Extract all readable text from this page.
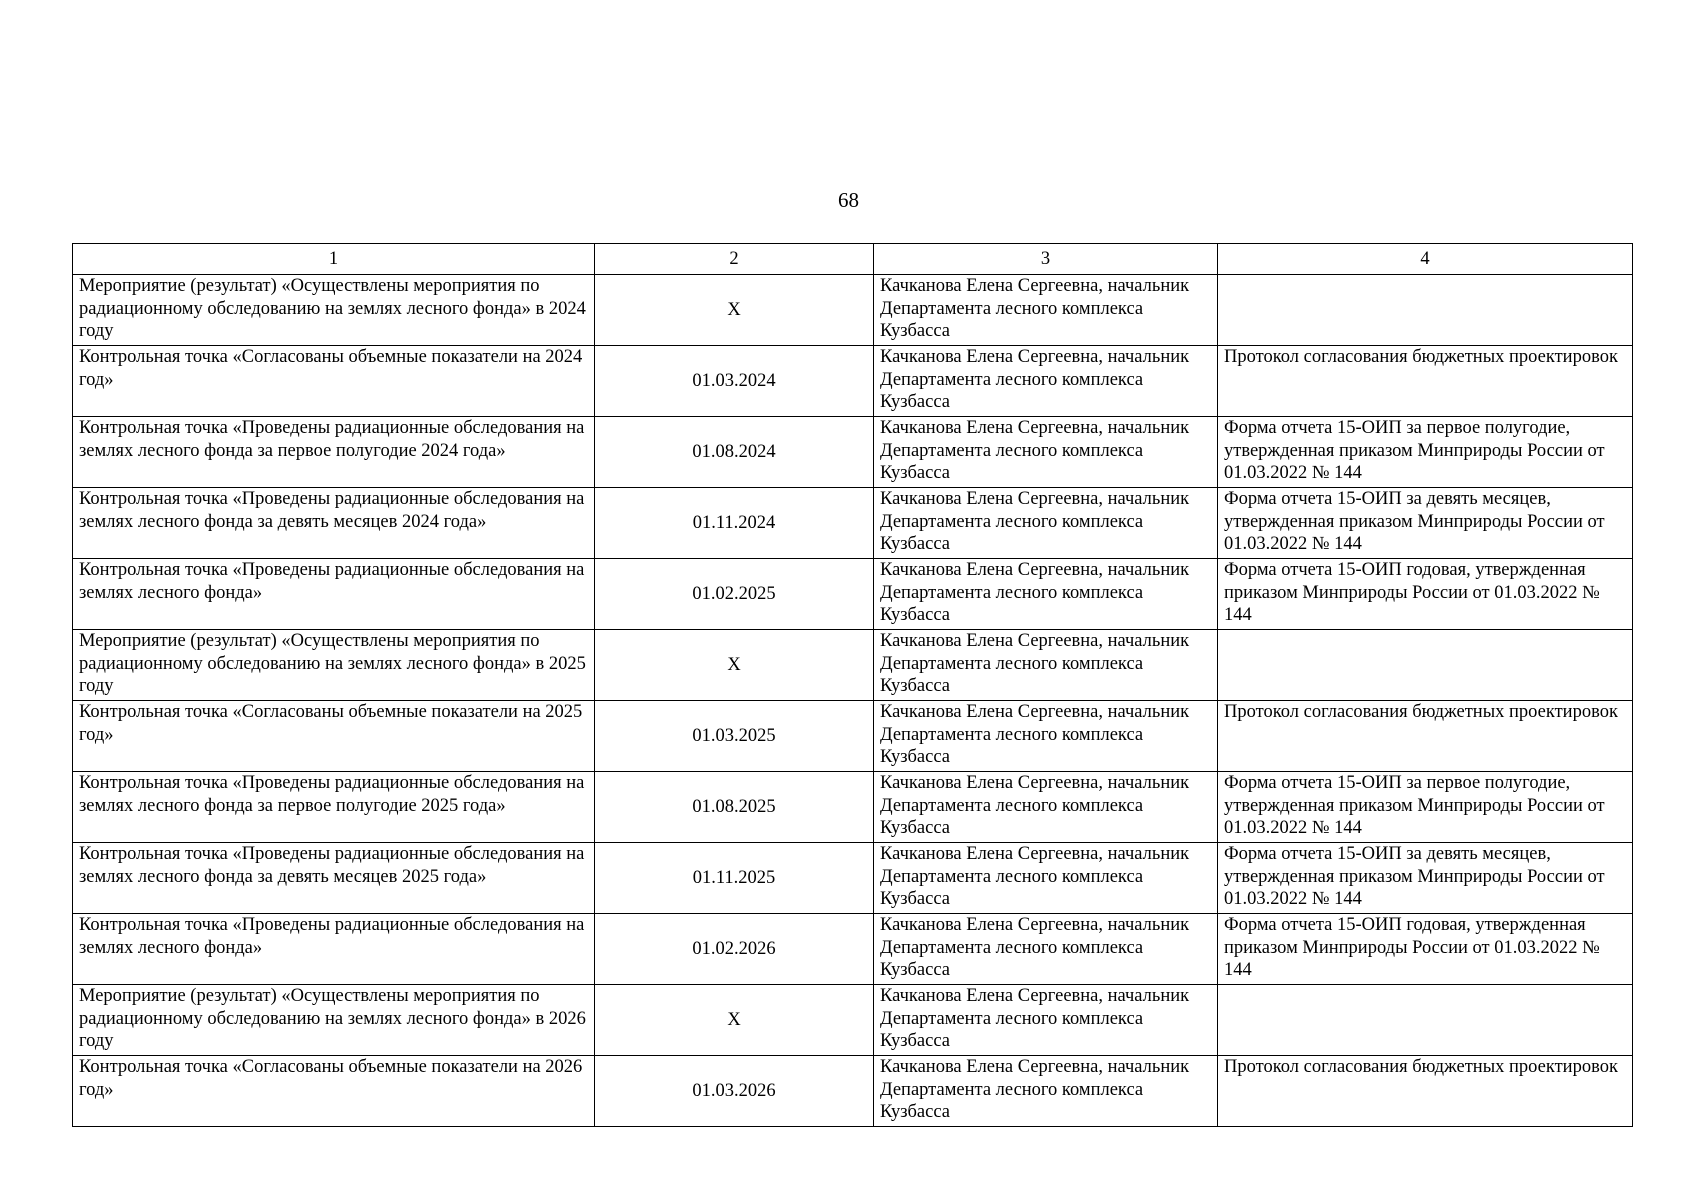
68
1	2	3	4
Мероприятие (результат) «Осуществлены мероприятия по радиационному обследованию на землях лесного фонда» в 2024 году	Х	Качканова Елена Сергеевна, начальник Департамента лесного комплекса Кузбасса	
Контрольная точка «Согласованы объемные показатели на 2024 год»	01.03.2024	Качканова Елена Сергеевна, начальник Департамента лесного комплекса Кузбасса	Протокол согласования бюджетных проектировок
Контрольная точка «Проведены радиационные обследования на землях лесного фонда за первое полугодие 2024 года»	01.08.2024	Качканова Елена Сергеевна, начальник Департамента лесного комплекса Кузбасса	Форма отчета 15-ОИП за первое полугодие, утвержденная приказом Минприроды России от 01.03.2022 № 144
Контрольная точка «Проведены радиационные обследования на землях лесного фонда за девять месяцев 2024 года»	01.11.2024	Качканова Елена Сергеевна, начальник Департамента лесного комплекса Кузбасса	Форма отчета 15-ОИП за девять месяцев, утвержденная приказом Минприроды России от 01.03.2022 № 144
Контрольная точка «Проведены радиационные обследования на землях лесного фонда»	01.02.2025	Качканова Елена Сергеевна, начальник Департамента лесного комплекса Кузбасса	Форма отчета 15-ОИП годовая, утвержденная приказом Минприроды России от 01.03.2022 № 144
Мероприятие (результат) «Осуществлены мероприятия по радиационному обследованию на землях лесного фонда» в 2025 году	Х	Качканова Елена Сергеевна, начальник Департамента лесного комплекса Кузбасса	
Контрольная точка «Согласованы объемные показатели на 2025 год»	01.03.2025	Качканова Елена Сергеевна, начальник Департамента лесного комплекса Кузбасса	Протокол согласования бюджетных проектировок
Контрольная точка «Проведены радиационные обследования на землях лесного фонда за первое полугодие 2025 года»	01.08.2025	Качканова Елена Сергеевна, начальник Департамента лесного комплекса Кузбасса	Форма отчета 15-ОИП за первое полугодие, утвержденная приказом Минприроды России от 01.03.2022 № 144
Контрольная точка «Проведены радиационные обследования на землях лесного фонда за девять месяцев 2025 года»	01.11.2025	Качканова Елена Сергеевна, начальник Департамента лесного комплекса Кузбасса	Форма отчета 15-ОИП за девять месяцев, утвержденная приказом Минприроды России от 01.03.2022 № 144
Контрольная точка «Проведены радиационные обследования на землях лесного фонда»	01.02.2026	Качканова Елена Сергеевна, начальник Департамента лесного комплекса Кузбасса	Форма отчета 15-ОИП годовая, утвержденная приказом Минприроды России от 01.03.2022 № 144
Мероприятие (результат) «Осуществлены мероприятия по радиационному обследованию на землях лесного фонда» в 2026 году	Х	Качканова Елена Сергеевна, начальник Департамента лесного комплекса Кузбасса	
Контрольная точка «Согласованы объемные показатели на 2026 год»	01.03.2026	Качканова Елена Сергеевна, начальник Департамента лесного комплекса Кузбасса	Протокол согласования бюджетных проектировок
